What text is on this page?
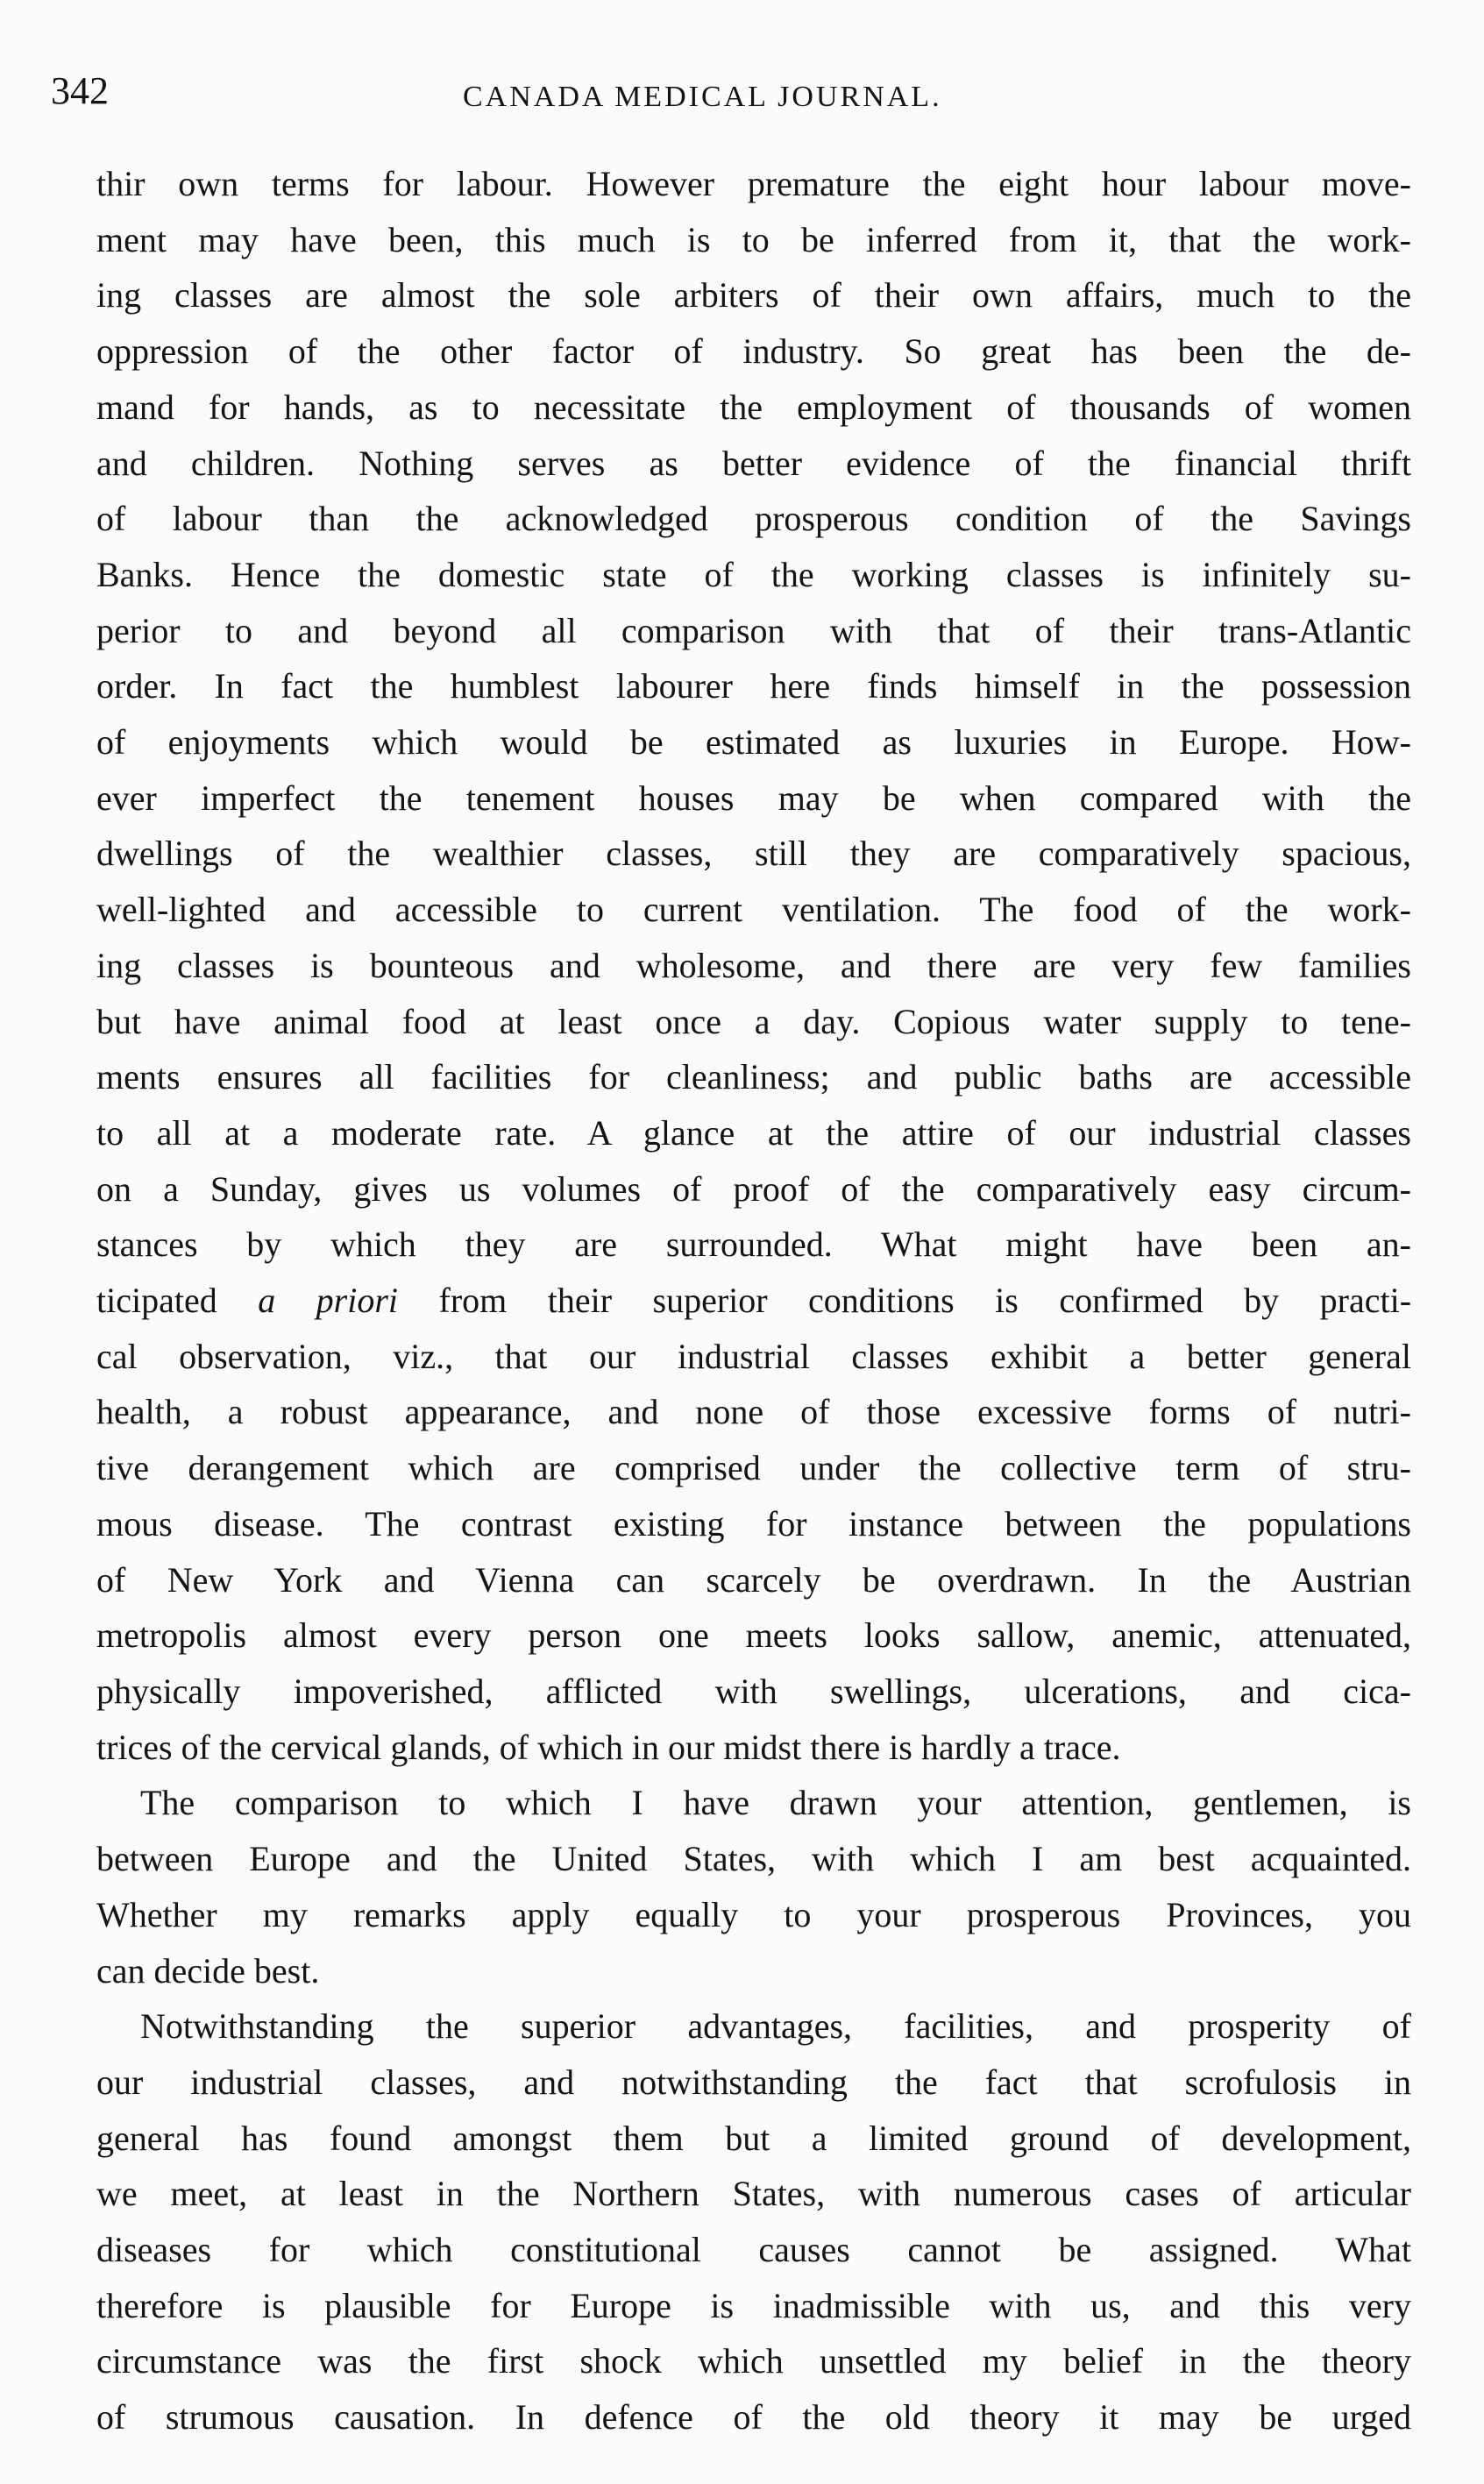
342	CANADA MEDICAL JOURNAL.

thir own terms for labour. However premature the eight hour labour move-
ment may have been, this much is to be inferred from it, that the work-
ing classes are almost the sole arbiters of their own affairs, much to the
oppression of the other factor of industry. So great has been the de-
mand for hands, as to necessitate the employment of thousands of women
and children. Nothing serves as better evidence of the financial thrift
of labour than the acknowledged prosperous condition of the Savings
Banks. Hence the domestic state of the working classes is infinitely su-
perior to and beyond all comparison with that of their trans-Atlantic
order. In fact the humblest labourer here finds himself in the possession
of enjoyments which would be estimated as luxuries in Europe. How-
ever imperfect the tenement houses may be when compared with the
dwellings of the wealthier classes, still they are comparatively spacious,
well-lighted and accessible to current ventilation. The food of the work-
ing classes is bounteous and wholesome, and there are very few families
but have animal food at least once a day. Copious water supply to tene-
ments ensures all facilities for cleanliness; and public baths are accessible
to all at a moderate rate. A glance at the attire of our industrial classes
on a Sunday, gives us volumes of proof of the comparatively easy circum-
stances by which they are surrounded. What might have been an-
ticipated a priori from their superior conditions is confirmed by practi-
cal observation, viz., that our industrial classes exhibit a better general
health, a robust appearance, and none of those excessive forms of nutri-
tive derangement which are comprised under the collective term of stru-
mous disease. The contrast existing for instance between the populations
of New York and Vienna can scarcely be overdrawn. In the Austrian
metropolis almost every person one meets looks sallow, anemic, attenuated,
physically impoverished, afflicted with swellings, ulcerations, and cica-
trices of the cervical glands, of which in our midst there is hardly a trace.

The comparison to which I have drawn your attention, gentlemen, is
between Europe and the United States, with which I am best acquainted.
Whether my remarks apply equally to your prosperous Provinces, you
can decide best.

Notwithstanding the superior advantages, facilities, and prosperity of
our industrial classes, and notwithstanding the fact that scrofulosis in
general has found amongst them but a limited ground of development,
we meet, at least in the Northern States, with numerous cases of articular
diseases for which constitutional causes cannot be assigned. What
therefore is plausible for Europe is inadmissible with us, and this very
circumstance was the first shock which unsettled my belief in the theory
of strumous causation. In defence of the old theory it may be urged
